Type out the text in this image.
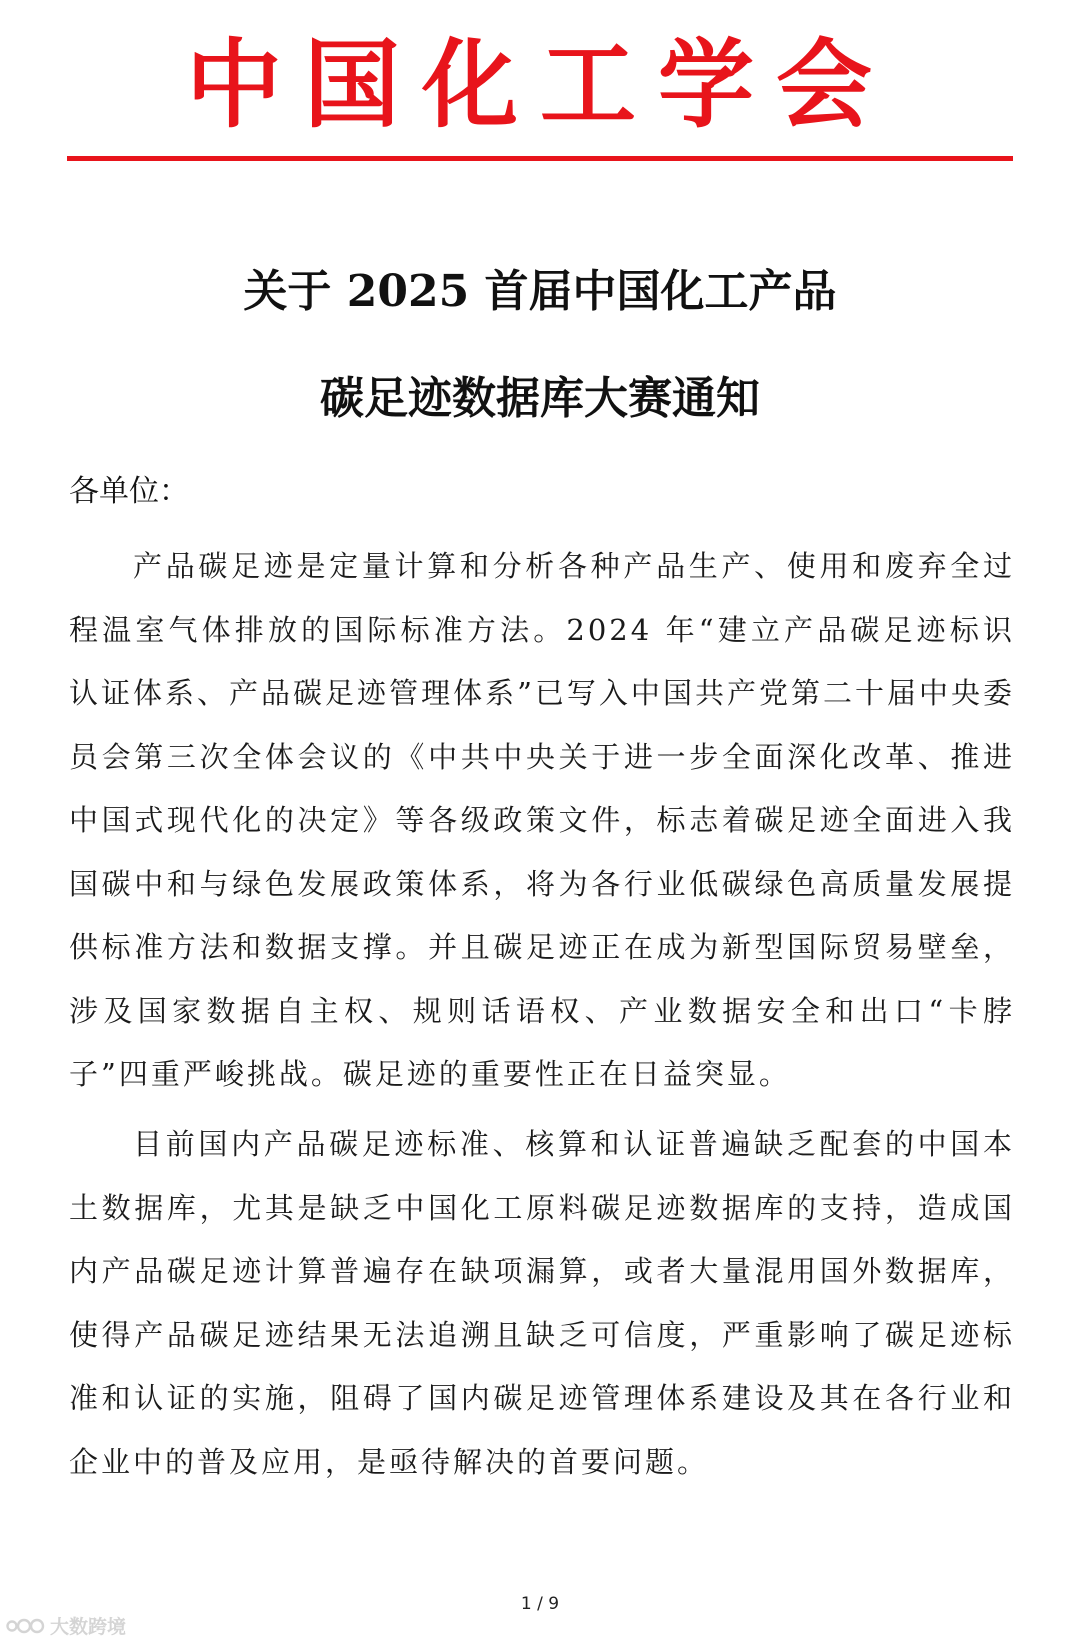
中国化工学会
关于 2025 首届中国化工产品
碳足迹数据库大赛通知
各单位：

产品碳足迹是定量计算和分析各种产品生产、使用和废弃全过程温室气体排放的国际标准方法。2024 年“建立产品碳足迹标识认证体系、产品碳足迹管理体系”已写入中国共产党第二十届中央委员会第三次全体会议的《中共中央关于进一步全面深化改革、推进中国式现代化的决定》等各级政策文件，标志着碳足迹全面进入我国碳中和与绿色发展政策体系，将为各行业低碳绿色高质量发展提供标准方法和数据支撑。并且碳足迹正在成为新型国际贸易壁垒，涉及国家数据自主权、规则话语权、产业数据安全和出口“卡脖子”四重严峻挑战。碳足迹的重要性正在日益突显。

目前国内产品碳足迹标准、核算和认证普遍缺乏配套的中国本土数据库，尤其是缺乏中国化工原料碳足迹数据库的支持，造成国内产品碳足迹计算普遍存在缺项漏算，或者大量混用国外数据库，使得产品碳足迹结果无法追溯且缺乏可信度，严重影响了碳足迹标准和认证的实施，阻碍了国内碳足迹管理体系建设及其在各行业和企业中的普及应用，是亟待解决的首要问题。

1 / 9
大数跨境
